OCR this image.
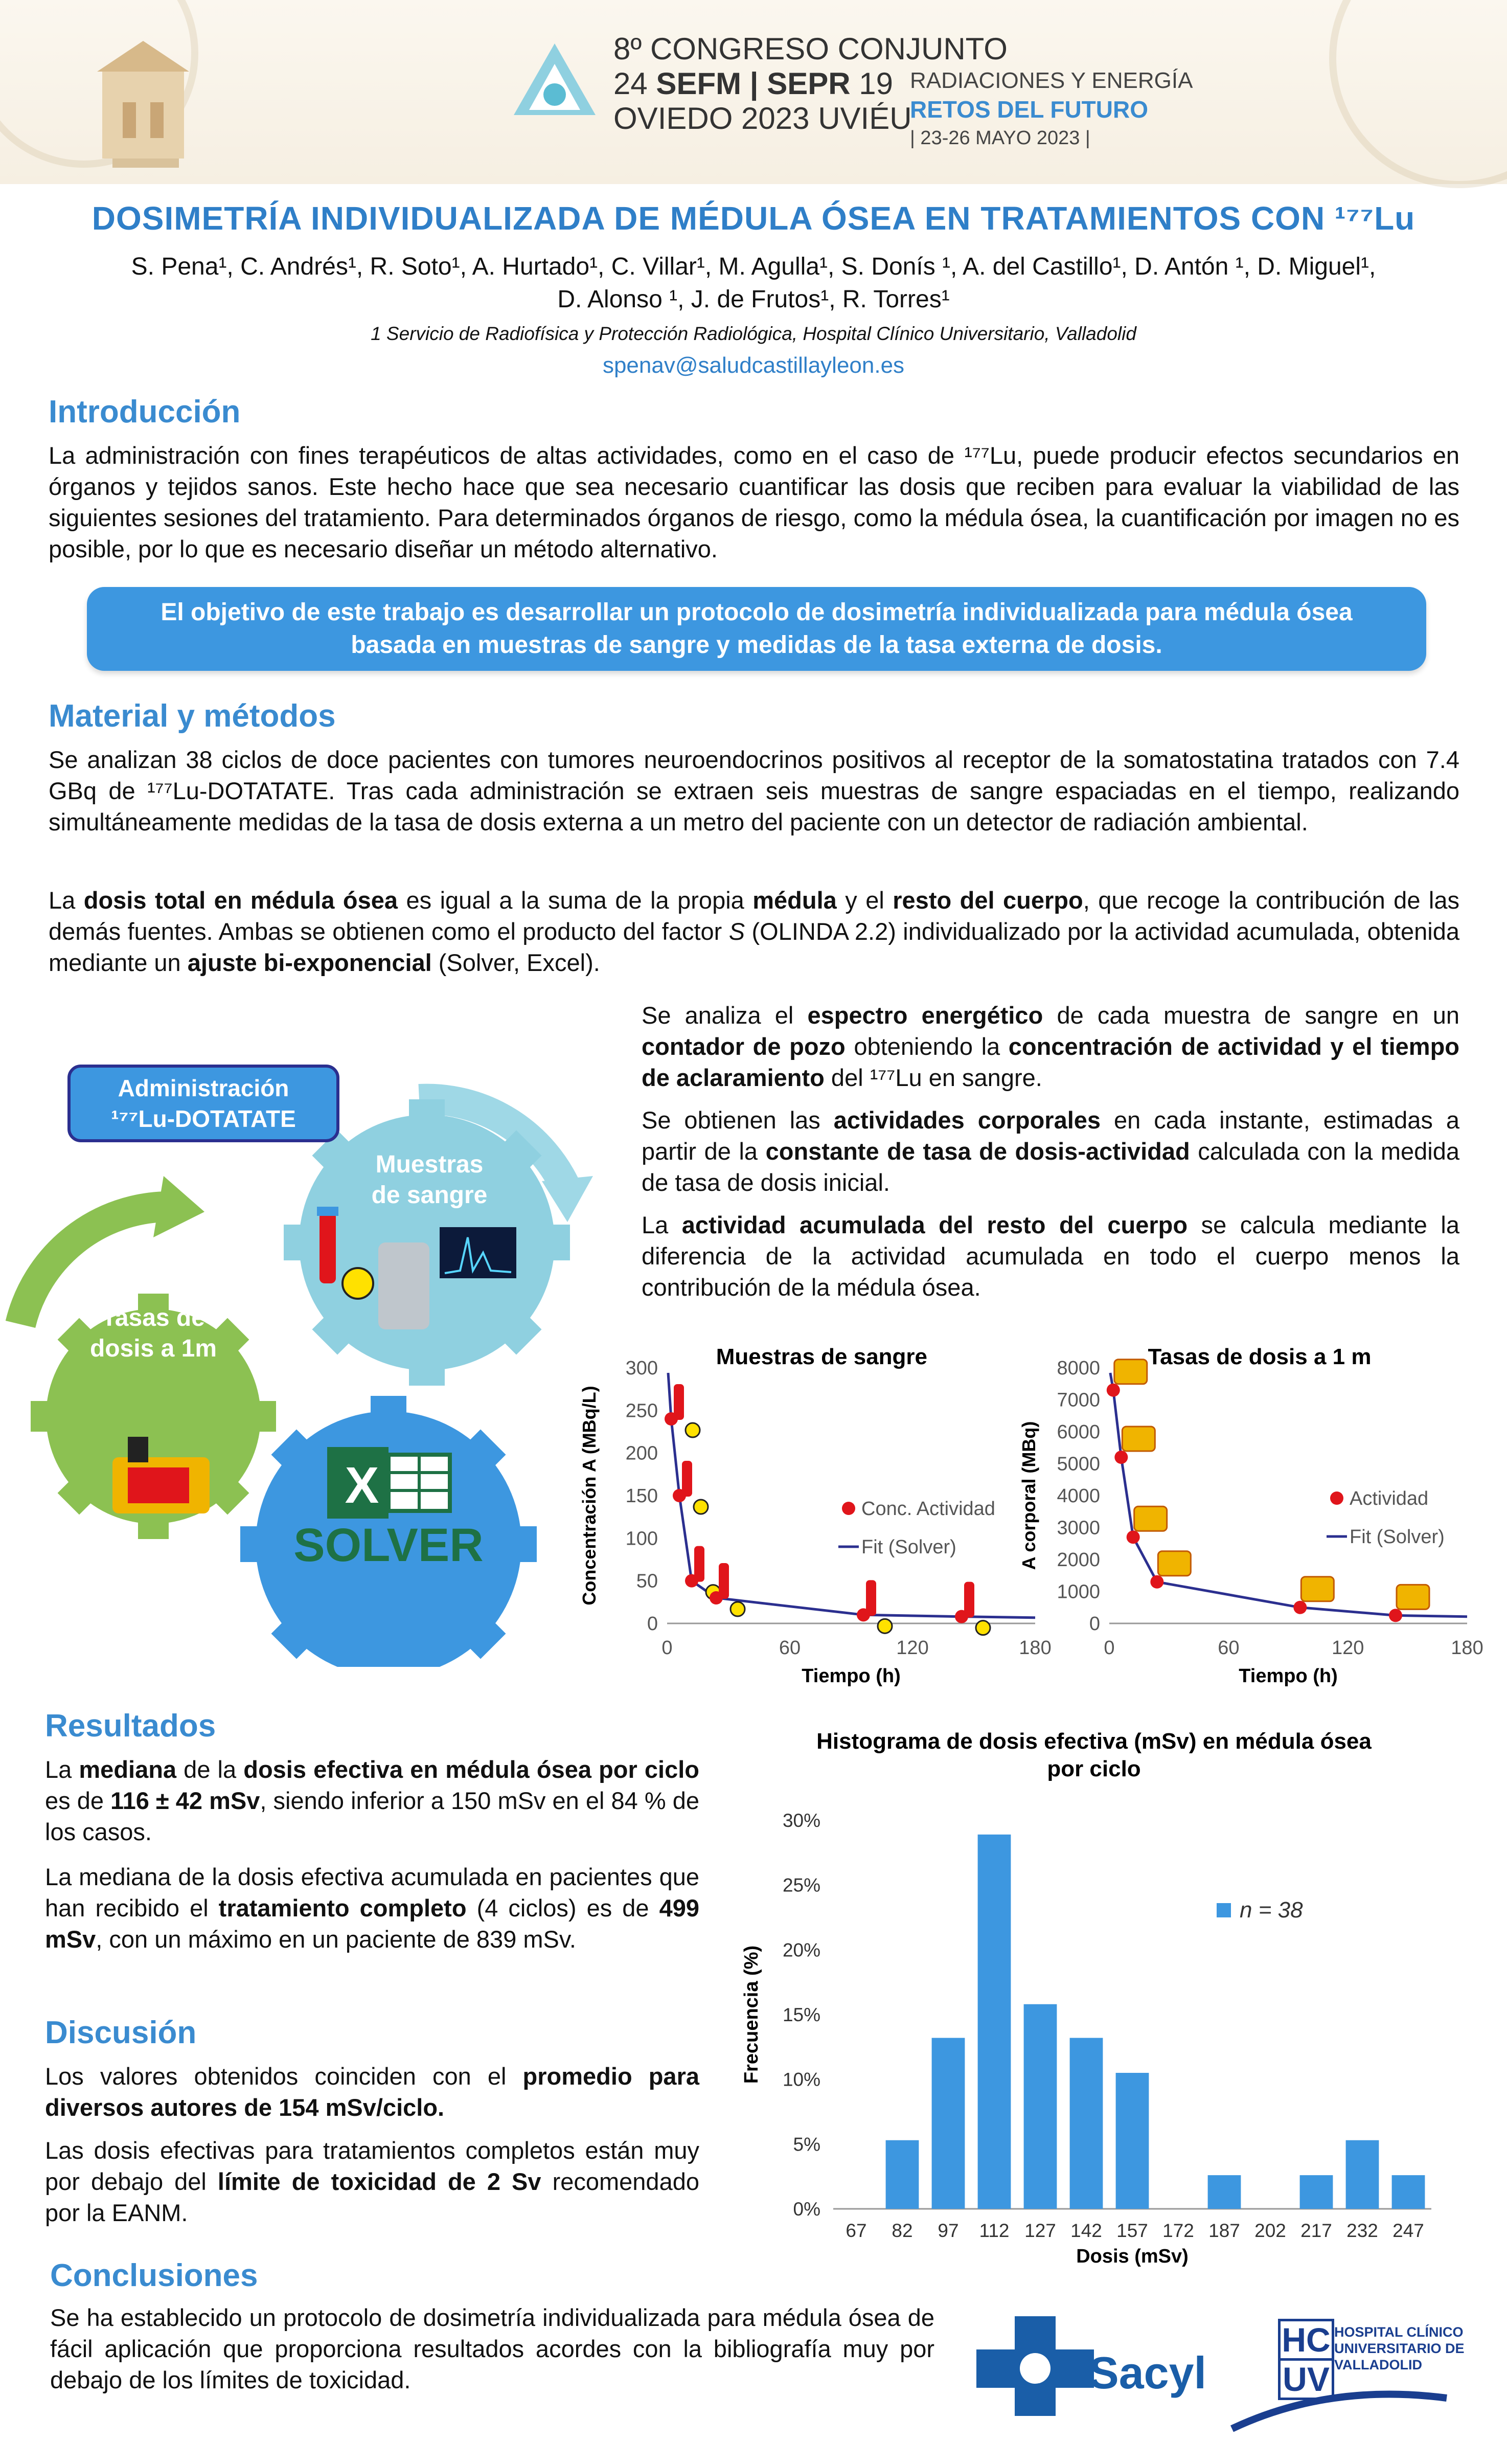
8º CONGRESO CONJUNTO
24 SEFM | SEPR 19
OVIEDO 2023 UVIÉU
RADIACIONES Y ENERGÍA
RETOS DEL FUTURO
| 23-26 MAYO 2023 |
DOSIMETRÍA INDIVIDUALIZADA DE MÉDULA ÓSEA EN TRATAMIENTOS CON ¹⁷⁷Lu
S. Pena¹, C. Andrés¹, R. Soto¹, A. Hurtado¹, C. Villar¹, M. Agulla¹, S. Donís ¹, A. del Castillo¹, D. Antón ¹, D. Miguel¹,
D. Alonso ¹, J. de Frutos¹, R. Torres¹
1 Servicio de Radiofísica y Protección Radiológica, Hospital Clínico Universitario, Valladolid
spenav@saludcastillayleon.es
Introducción
La administración con fines terapéuticos de altas actividades, como en el caso de ¹⁷⁷Lu, puede producir efectos secundarios en órganos y tejidos sanos. Este hecho hace que sea necesario cuantificar las dosis que reciben para evaluar la viabilidad de las siguientes sesiones del tratamiento. Para determinados órganos de riesgo, como la médula ósea, la cuantificación por imagen no es posible, por lo que es necesario diseñar un método alternativo.
El objetivo de este trabajo es desarrollar un protocolo de dosimetría individualizada para médula ósea basada en muestras de sangre y medidas de la tasa externa de dosis.
Material y métodos
Se analizan 38 ciclos de doce pacientes con tumores neuroendocrinos positivos al receptor de la somatostatina tratados con 7.4 GBq de ¹⁷⁷Lu-DOTATATE. Tras cada administración se extraen seis muestras de sangre espaciadas en el tiempo, realizando simultáneamente medidas de la tasa de dosis externa a un metro del paciente con un detector de radiación ambiental.
La dosis total en médula ósea es igual a la suma de la propia médula y el resto del cuerpo, que recoge la contribución de las demás fuentes. Ambas se obtienen como el producto del factor S (OLINDA 2.2) individualizado por la actividad acumulada, obtenida mediante un ajuste bi-exponencial (Solver, Excel).
Se analiza el espectro energético de cada muestra de sangre en un contador de pozo obteniendo la concentración de actividad y el tiempo de aclaramiento del ¹⁷⁷Lu en sangre.
Se obtienen las actividades corporales en cada instante, estimadas a partir de la constante de tasa de dosis-actividad calculada con la medida de tasa de dosis inicial.
La actividad acumulada del resto del cuerpo se calcula mediante la diferencia de la actividad acumulada en todo el cuerpo menos la contribución de la médula ósea.
X
SOLVER
Administración
¹⁷⁷Lu-DOTATATE
Muestras
de sangre
Tasas de
dosis a 1m	Muestras de sangre
0
50
100
150
200
250
300
0	60	120	180
Tiempo (h)
Concentración A (MBq/L)	Conc. Actividad
Fit (Solver)
Tasas de dosis a 1 m
0
1000
2000
3000
4000
5000
6000
7000
8000
0	60	120	180
Tiempo (h)
A corporal (MBq)	Actividad
Fit (Solver)
Histograma de dosis efectiva (mSv) en médula ósea
por ciclo
0%
5%
10%
15%
20%
25%
30%
67 82 97 112 127 142 157 172 187 202 217 232 247
Dosis (mSv)
Frecuencia (%)
n = 38
Resultados
La mediana de la dosis efectiva en médula ósea por ciclo es de 116 ± 42 mSv, siendo inferior a 150 mSv en el 84 % de los casos.
La mediana de la dosis efectiva acumulada en pacientes que han recibido el tratamiento completo (4 ciclos) es de 499 mSv, con un máximo en un paciente de 839 mSv.
Discusión
Los valores obtenidos coinciden con el promedio para diversos autores de 154 mSv/ciclo.
Las dosis efectivas para tratamientos completos están muy por debajo del límite de toxicidad de 2 Sv recomendado por la EANM.
Conclusiones
Se ha establecido un protocolo de dosimetría individualizada para médula ósea de fácil aplicación que proporciona resultados acordes con la bibliografía muy por debajo de los límites de toxicidad.	Sacyl
HC
UV
HOSPITAL CLÍNICO
UNIVERSITARIO DE VALLADOLID
